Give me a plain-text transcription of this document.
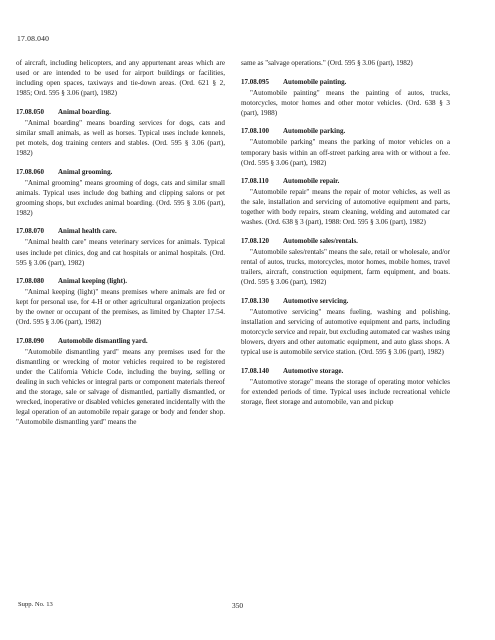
17.08.040

of aircraft, including helicopters, and any appurtenant areas which are used or are intended to be used for airport buildings or facilities, including open spaces, taxiways and tie-down areas. (Ord. 621 § 2, 1985; Ord. 595 § 3.06 (part), 1982)

17.08.050 Animal boarding.

"Animal boarding" means boarding services for dogs, cats and similar small animals, as well as horses. Typical uses include kennels, pet motels, dog training centers and stables. (Ord. 595 § 3.06 (part), 1982)

17.08.060 Animal grooming.

"Animal grooming" means grooming of dogs, cats and similar small animals. Typical uses include dog bathing and clipping salons or pet grooming shops, but excludes animal boarding. (Ord. 595 § 3.06 (part), 1982)

17.08.070 Animal health care.

"Animal health care" means veterinary services for animals. Typical uses include pet clinics, dog and cat hospitals or animal hospitals. (Ord. 595 § 3.06 (part), 1982)

17.08.080 Animal keeping (light).

"Animal keeping (light)" means premises where animals are fed or kept for personal use, for 4-H or other agricultural organization projects by the owner or occupant of the premises, as limited by Chapter 17.54. (Ord. 595 § 3.06 (part), 1982)

17.08.090 Automobile dismantling yard.

"Automobile dismantling yard" means any premises used for the dismantling or wrecking of motor vehicles required to be registered under the California Vehicle Code, including the buying, selling or dealing in such vehicles or integral parts or component materials thereof and the storage, sale or salvage of dismantled, partially dismantled, or wrecked, inoperative or disabled vehicles generated incidentally with the legal operation of an automobile repair garage or body and fender shop. "Automobile dismantling yard" means the

same as "salvage operations." (Ord. 595 § 3.06 (part), 1982)

17.08.095 Automobile painting.

"Automobile painting" means the painting of autos, trucks, motorcycles, motor homes and other motor vehicles. (Ord. 638 § 3 (part), 1988)

17.08.100 Automobile parking.

"Automobile parking" means the parking of motor vehicles on a temporary basis within an off-street parking area with or without a fee. (Ord. 595 § 3.06 (part), 1982)

17.08.110 Automobile repair.

"Automobile repair" means the repair of motor vehicles, as well as the sale, installation and servicing of automotive equipment and parts, together with body repairs, steam cleaning, welding and automated car washes. (Ord. 638 § 3 (part), 1988: Ord. 595 § 3.06 (part), 1982)

17.08.120 Automobile sales/rentals.

"Automobile sales/rentals" means the sale, retail or wholesale, and/or rental of autos, trucks, motorcycles, motor homes, mobile homes, travel trailers, aircraft, construction equipment, farm equipment, and boats. (Ord. 595 § 3.06 (part), 1982)

17.08.130 Automotive servicing.

"Automotive servicing" means fueling, washing and polishing, installation and servicing of automotive equipment and parts, including motorcycle service and repair, but excluding automated car washes using blowers, dryers and other automatic equipment, and auto glass shops. A typical use is automobile service station. (Ord. 595 § 3.06 (part), 1982)

17.08.140 Automotive storage.

"Automotive storage" means the storage of operating motor vehicles for extended periods of time. Typical uses include recreational vehicle storage, fleet storage and automobile, van and pickup

Supp. No. 13	350
